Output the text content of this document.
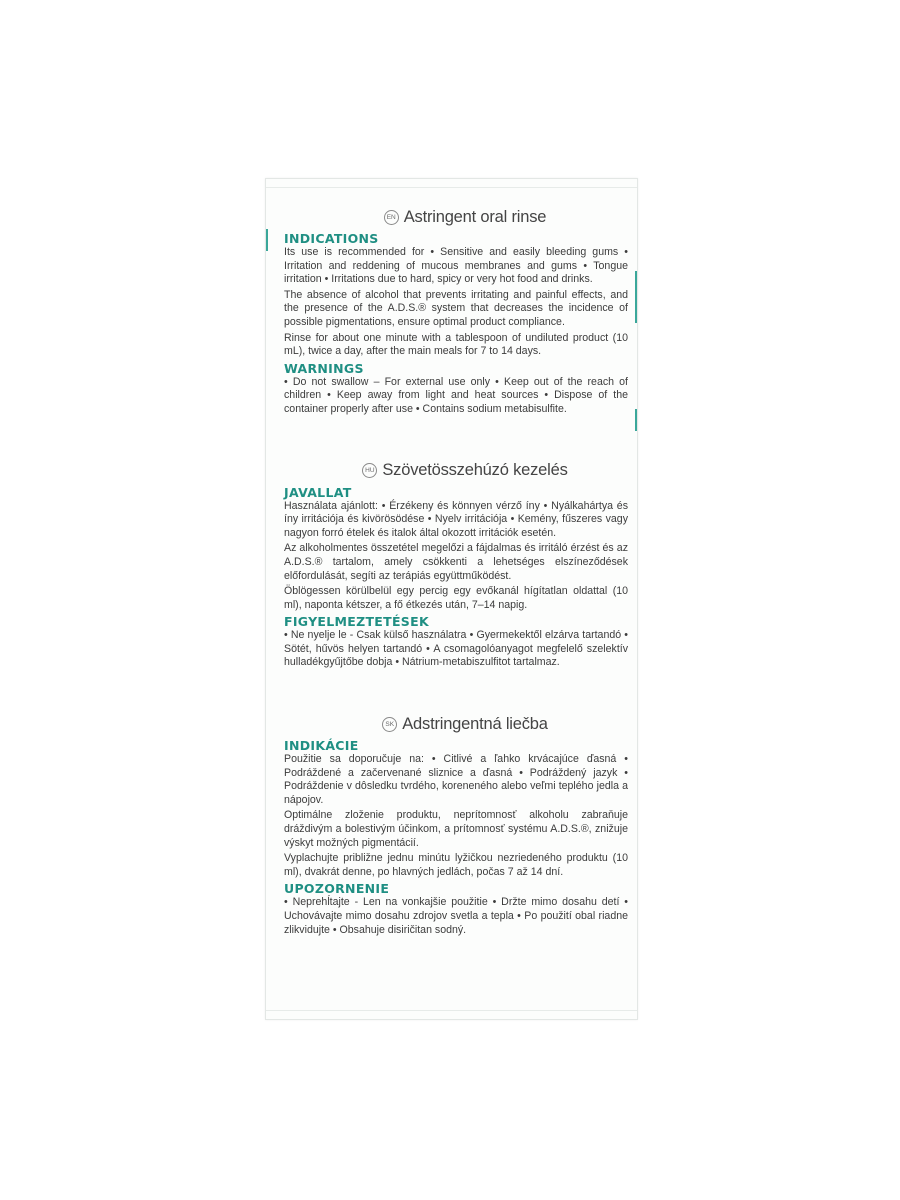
EN Astringent oral rinse
INDICATIONS

Its use is recommended for • Sensitive and easily bleeding gums • Irritation and reddening of mucous membranes and gums • Tongue irritation • Irritations due to hard, spicy or very hot food and drinks.

The absence of alcohol that prevents irritating and painful effects, and the presence of the A.D.S.® system that decreases the incidence of possible pigmentations, ensure optimal product compliance.

Rinse for about one minute with a tablespoon of undiluted product (10 mL), twice a day, after the main meals for 7 to 14 days.

WARNINGS

• Do not swallow – For external use only • Keep out of the reach of children • Keep away from light and heat sources • Dispose of the container properly after use • Contains sodium metabisulfite.

HU Szövetösszehúzó kezelés
JAVALLAT

Használata ajánlott: • Érzékeny és könnyen vérző íny • Nyálkahártya és íny irritációja és kivörösödése • Nyelv irritációja • Kemény, fűszeres vagy nagyon forró ételek és italok által okozott irritációk esetén.

Az alkoholmentes összetétel megelőzi a fájdalmas és irritáló érzést és az A.D.S.® tartalom, amely csökkenti a lehetséges elszíneződések előfordulását, segíti az terápiás együttműködést.

Öblögessen körülbelül egy percig egy evőkanál hígítatlan oldattal (10 ml), naponta kétszer, a fő étkezés után, 7–14 napig.

FIGYELMEZTETÉSEK

• Ne nyelje le - Csak külső használatra • Gyermekektől elzárva tartandó • Sötét, hűvös helyen tartandó • A csomagolóanyagot megfelelő szelektív hulladékgyűjtőbe dobja • Nátrium-metabiszulfitot tartalmaz.

SK Adstringentná liečba
INDIKÁCIE

Použitie sa doporučuje na: • Citlivé a ľahko krvácajúce ďasná • Podráždené a začervenané sliznice a ďasná • Podráždený jazyk • Podráždenie v dôsledku tvrdého, koreneného alebo veľmi teplého jedla a nápojov.

Optimálne zloženie produktu, neprítomnosť alkoholu zabraňuje dráždivým a bolestivým účinkom, a prítomnosť systému A.D.S.®, znižuje výskyt možných pigmentácií.

Vyplachujte približne jednu minútu lyžičkou nezriedeného produktu (10 ml), dvakrát denne, po hlavných jedlách, počas 7 až 14 dní.

UPOZORNENIE

• Neprehĺtajte - Len na vonkajšie použitie • Držte mimo dosahu detí • Uchovávajte mimo dosahu zdrojov svetla a tepla • Po použití obal riadne zlikvidujte • Obsahuje disiričitan sodný.
